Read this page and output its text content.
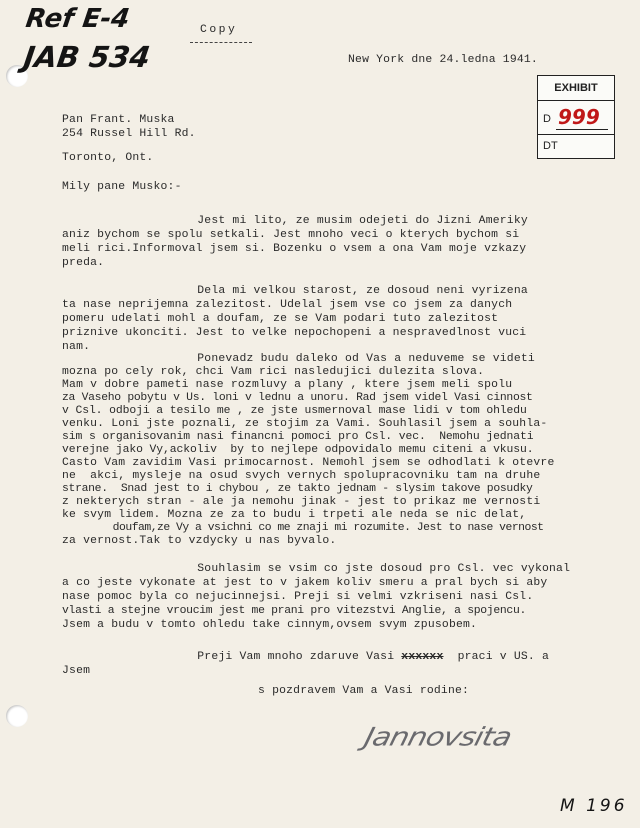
Ref E-4
JAB 534
Copy
New York dne 24.ledna 1941.
EXHIBIT
D 999
DT
Pan Frant. Muska
254 Russel Hill Rd.
Toronto, Ont.
Mily pane Musko:-
Jest mi lito, ze musim odejeti do Jizni Ameriky
aniz bychom se spolu setkali. Jest mnoho veci o kterych bychom si
meli rici.Informoval jsem si. Bozenku o vsem a ona Vam moje vzkazy
preda.
Dela mi velkou starost, ze dosoud neni vyrizena
ta nase neprijemna zalezitost. Udelal jsem vse co jsem za danych
pomeru udelati mohl a doufam, ze se Vam podari tuto zalezitost
priznive ukonciti. Jest to velke nepochopeni a nespravedlnost vuci
nam.
Ponevadz budu daleko od Vas a neduveme se videti
mozna po cely rok, chci Vam rici nasledujici dulezita slova.
Mam v dobre pameti nase rozmluvy a plany , ktere jsem meli spolu
za Vaseho pobytu v Us. loni v lednu a unoru. Rad jsem videl Vasi cinnost
v Csl. odboji a tesilo me , ze jste usmernoval mase lidi v tom ohledu
venku. Loni jste poznali, ze stojim za Vami. Souhlasil jsem a souhla-
sim s organisovanim nasi financni pomoci pro Csl. vec.  Nemohu jednati
verejne jako Vy,ackoliv  by to nejlepe odpovidalo memu citeni a vkusu.
Casto Vam zavidim Vasi primocarnost. Nemohl jsem se odhodlati k otevre
ne  akci, mysleje na osud svych vernych spolupracovniku tam na druhe
strane.  Snad jest to i chybou , ze takto jednam - slysim takove posudky
z nekterych stran - ale ja nemohu jinak - jest to prikaz me vernosti
ke svym lidem. Mozna ze za to budu i trpeti ale neda se nic delat,
doufam,ze Vy a vsichni co me znaji mi rozumite. Jest to nase vernost
za vernost.Tak to vzdycky u nas byvalo.
Souhlasim se vsim co jste dosoud pro Csl. vec vykonal
a co jeste vykonate at jest to v jakem koliv smeru a pral bych si aby
nase pomoc byla co nejucinnejsi. Preji si velmi vzkriseni nasi Csl.
vlasti a stejne vroucim jest me prani pro vitezstvi Anglie, a spojencu.
Jsem a budu v tomto ohledu take cinnym,ovsem svym zpusobem.
Preji Vam mnoho zdaruve Vasi xxxxxx  praci v US. a
Jsem
s pozdravem Vam a Vasi rodine:
Jannovsita
M 196
